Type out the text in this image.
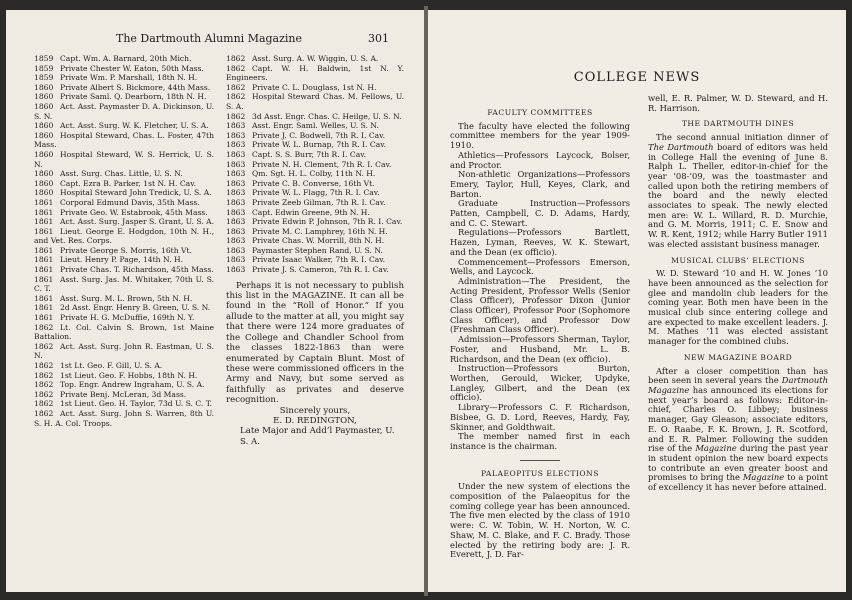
The Dartmouth Alumni Magazine	301
1859 Capt. Wm. A. Barnard, 20th Mich.
1859 Private Chester W. Eaton, 50th Mass.
1859 Private Wm. P. Marshall, 18th N. H.
1860 Private Albert S. Bickmore, 44th Mass.
1860 Private Saml. Q. Dearborn, 18th N. H.
1860 Act. Asst. Paymaster D. A. Dickinson, U. S. N.
1860 Act. Asst. Surg. W. K. Fletcher, U. S. A.
1860 Hospital Steward, Chas. L. Foster, 47th Mass.
1860 Hospital Steward, W. S. Herrick, U. S. N.
1860 Asst. Surg. Chas. Little, U. S. N.
1860 Capt. Ezra B. Parker, 1st N. H. Cav.
1860 Hospital Steward John Tredick, U. S. A.
1861 Corporal Edmund Davis, 35th Mass.
1861 Private Geo. W. Estabrook, 45th Mass.
1861 Act. Asst. Surg. Jasper S. Grant, U. S. A.
1861 Lieut. George E. Hodgdon, 10th N. H., and Vet. Res. Corps.
1861 Private George S. Morris, 16th Vt.
1861 Lieut. Henry P. Page, 14th N. H.
1861 Private Chas. T. Richardson, 45th Mass.
1861 Asst. Surg. Jas. M. Whitaker, 70th U. S. C. T.
1861 Asst. Surg. M. L. Brown, 5th N. H.
1861 2d Asst. Engr. Henry B. Green, U. S. N.
1861 Private H. G. McDuffie, 169th N. Y.
1862 Lt. Col. Calvin S. Brown, 1st Maine Battalion.
1862 Act. Asst. Surg. John R. Eastman, U. S. N.
1862 1st Lt. Geo. F. Gill, U. S. A.
1862 1st Lieut. Geo. F. Hobbs, 18th N. H.
1862 Top. Engr. Andrew Ingraham, U. S. A.
1862 Private Benj. McLeran, 3d Mass.
1862 1st Lieut. Geo. H. Taylor, 73d U. S. C. T.
1862 Act. Asst. Surg. John S. Warren, 8th U. S. H. A. Col. Troops.
1862 Asst. Surg. A. W. Wiggin, U. S. A.
1862 Capt. W. H. Baldwin, 1st N. Y. Engineers.
1862 Private C. L. Douglass, 1st N. H.
1862 Hospital Steward Chas. M. Fellows, U. S. A.
1862 3d Asst. Engr. Chas. C. Heilge, U. S. N.
1863 Asst. Engr. Saml. Welles, U. S. N.
1863 Private J. C. Bodwell, 7th R. I. Cav.
1863 Private W. L. Burnap, 7th R. I. Cav.
1863 Capt. S. S. Burr, 7th R. I. Cav.
1863 Private N. H. Clement, 7th R. I. Cav.
1863 Qm. Sgt. H. L. Colby, 11th N. H.
1863 Private C. B. Converse, 16th Vt.
1863 Private W. L. Flagg, 7th R. I. Cav.
1863 Private Zeeb Gilman, 7th R. I. Cav.
1863 Capt. Edwin Greene, 9th N. H.
1863 Private Edwin P. Johnson, 7th R. I. Cav.
1863 Private M. C. Lamphrey, 16th N. H.
1863 Private Chas. W. Morrill, 8th N. H.
1863 Paymaster Stephen Rand, U. S. N.
1863 Private Isaac Walker, 7th R. I. Cav.
1863 Private J. S. Cameron, 7th R. I. Cav.
Perhaps it is not necessary to publish this list in the MAGAZINE. It can all be found in the “Roll of Honor.” If you allude to the matter at all, you might say that there were 124 more graduates of the College and Chandler School from the classes 1822-1863 than were enumerated by Captain Blunt. Most of these were commissioned officers in the Army and Navy, but some served as faithfully as privates and deserve recognition.
Sincerely yours,
E. D. REDINGTON,
Late Major and Add’l Paymaster, U. S. A.
COLLEGE NEWS
FACULTY COMMITTEES
The faculty have elected the following committee members for the year 1909-1910.
Athletics—Professors Laycock, Bolser, and Proctor.
Non-athletic Organizations—Professors Emery, Taylor, Hull, Keyes, Clark, and Barton.
Graduate Instruction—Professors Patten, Campbell, C. D. Adams, Hardy, and C. C. Stewart.
Regulations—Professors Bartlett, Hazen, Lyman, Reeves, W. K. Stewart, and the Dean (ex officio).
Commencement—Professors Emerson, Wells, and Laycock.
Administration—The President, the Acting President, Professor Wells (Senior Class Officer), Professor Dixon (Junior Class Officer), Professor Poor (Sophomore Class Officer), and Professor Dow (Freshman Class Officer).
Admission—Professors Sherman, Taylor, Foster, and Husband, Mr. L. B. Richardson, and the Dean (ex officio).
Instruction—Professors Burton, Worthen, Gerould, Wicker, Updyke, Langley, Gilbert, and the Dean (ex officio).
Library—Professors C. F. Richardson, Bisbee, G. D. Lord, Reeves, Hardy, Fay, Skinner, and Goldthwait.
The member named first in each instance is the chairman.
PALAEOPITUS ELECTIONS
Under the new system of elections the composition of the Palaeopitus for the coming college year has been announced. The five men elected by the class of 1910 were: C. W. Tobin, W. H. Norton, W. C. Shaw, M. C. Blake, and F. C. Brady. Those elected by the retiring body are: J. R. Everett, J. D. Far-
well, E. R. Palmer, W. D. Steward, and H. R. Harrison.
THE DARTMOUTH DINES
The second annual initiation dinner of The Dartmouth board of editors was held in College Hall the evening of June 8. Ralph L. Theller, editor-in-chief for the year ’08-’09, was the toastmaster and called upon both the retiring members of the board and the newly elected associates to speak. The newly elected men are: W. L. Willard, R. D. Murchie, and G. M. Morris, 1911; C. E. Snow and W. R. Kent, 1912; while Harry Butler 1911 was elected assistant business manager.
MUSICAL CLUBS’ ELECTIONS
W. D. Steward ’10 and H. W. Jones ’10 have been announced as the selection for glee and mandolin club leaders for the coming year. Both men have been in the musical club since entering college and are expected to make excellent leaders. J. M. Mathes ’11 was elected assistant manager for the combined clubs.
NEW MAGAZINE BOARD
After a closer competition than has been seen in several years the Dartmouth Magazine has announced its elections for next year’s board as follows: Editor-in-chief, Charles O. Libbey; business manager, Gay Gleason; associate editors, E. O. Raabe, F. K. Brown, J. R. Scotford, and E. R. Palmer. Following the sudden rise of the Magazine during the past year in student opinion the new board expects to contribute an even greater boost and promises to bring the Magazine to a point of excellency it has never before attained.
